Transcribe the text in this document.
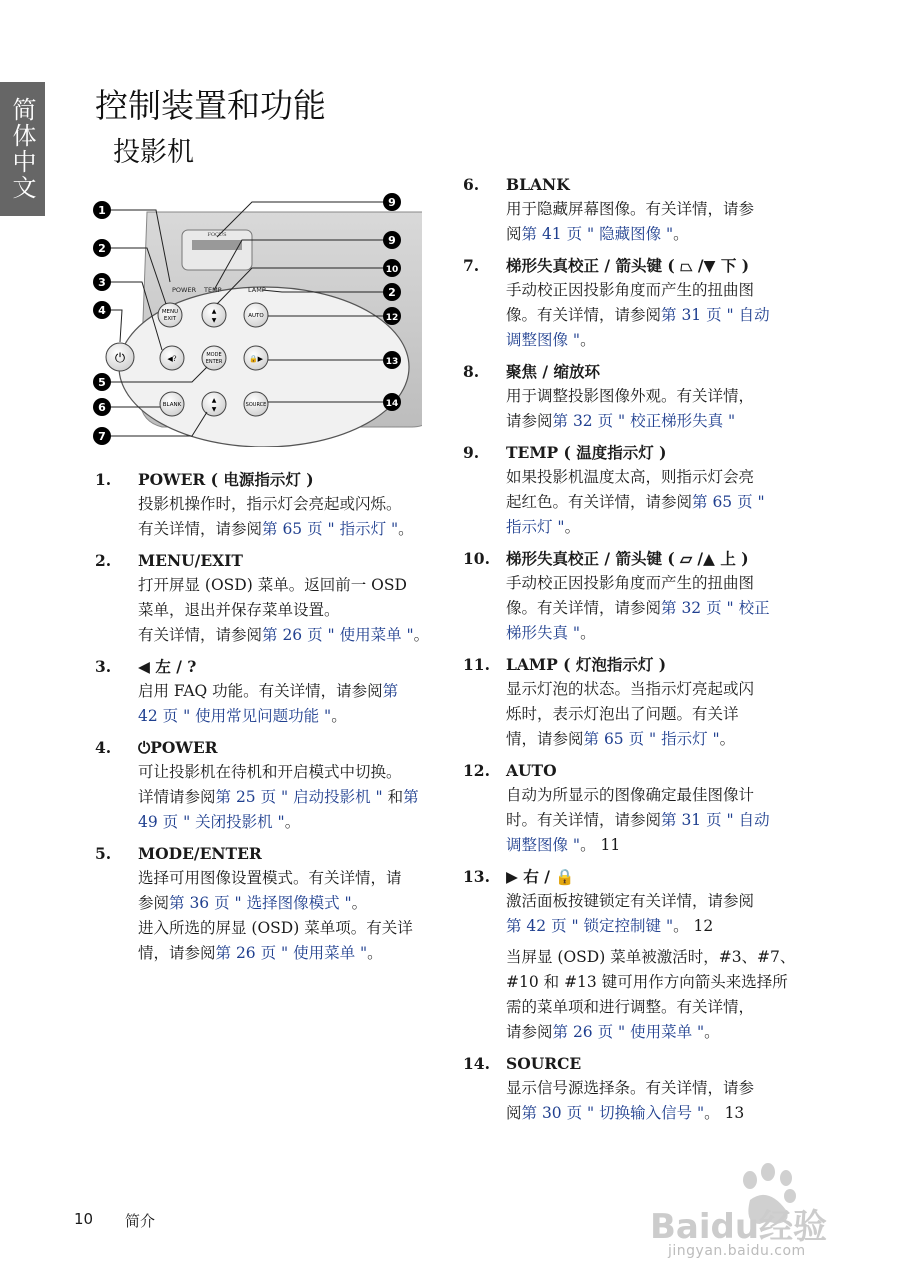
简体中文 控制装置和功能
投影机
FOCUS
POWER TEMP	LAMP
⏻
MENU
EXIT
▲
▼
AUTO
◀?	MODE
ENTER	🔒▶
BLANK
▲
▼
SOURCE
1
2
3
4
5
6
7
9
9
10
2
12
13
14
1. POWER ( 电源指示灯 )
投影机操作时，指示灯会亮起或闪烁。
有关详情，请参阅第 65 页 " 指示灯 "。
2. MENU/EXIT
打开屏显 (OSD) 菜单。返回前一 OSD
菜单，退出并保存菜单设置。
有关详情，请参阅第 26 页 " 使用菜单 "。
3. ◀ 左 / ?
启用 FAQ 功能。有关详情，请参阅第
42 页 " 使用常见问题功能 "。
4. ⏻POWER
可让投影机在待机和开启模式中切换。
详情请参阅第 25 页 " 启动投影机 " 和第
49 页 " 关闭投影机 "。
5. MODE/ENTER
选择可用图像设置模式。有关详情，请
参阅第 36 页 " 选择图像模式 "。
进入所选的屏显 (OSD) 菜单项。有关详
情，请参阅第 26 页 " 使用菜单 "。
6. BLANK
用于隐藏屏幕图像。有关详情，请参
阅第 41 页 " 隐藏图像 "。
7. 梯形失真校正 / 箭头键 ( ⏢ /▼ 下 )
手动校正因投影角度而产生的扭曲图
像。有关详情，请参阅第 31 页 " 自动
调整图像 "。
8. 聚焦 / 缩放环
用于调整投影图像外观。有关详情，
请参阅第 32 页 " 校正梯形失真 "
9. TEMP ( 温度指示灯 )
如果投影机温度太高，则指示灯会亮
起红色。有关详情，请参阅第 65 页 "
指示灯 "。
10. 梯形失真校正 / 箭头键 ( ⏥ /▲ 上 )
手动校正因投影角度而产生的扭曲图
像。有关详情，请参阅第 32 页 " 校正
梯形失真 "。
11. LAMP ( 灯泡指示灯 )
显示灯泡的状态。当指示灯亮起或闪
烁时，表示灯泡出了问题。有关详
情，请参阅第 65 页 " 指示灯 "。
12. AUTO
自动为所显示的图像确定最佳图像计
时。有关详情，请参阅第 31 页 " 自动
调整图像 "。 11
13. ▶ 右 / 🔒
激活面板按键锁定有关详情，请参阅
第 42 页 " 锁定控制键 "。 12
当屏显 (OSD) 菜单被激活时，#3、#7、
#10 和 #13 键可用作方向箭头来选择所
需的菜单项和进行调整。有关详情，
请参阅第 26 页 " 使用菜单 "。
14. SOURCE
显示信号源选择条。有关详情，请参
阅第 30 页 " 切换输入信号 "。 13
10 简介	Baidu经验
jingyan.baidu.com
